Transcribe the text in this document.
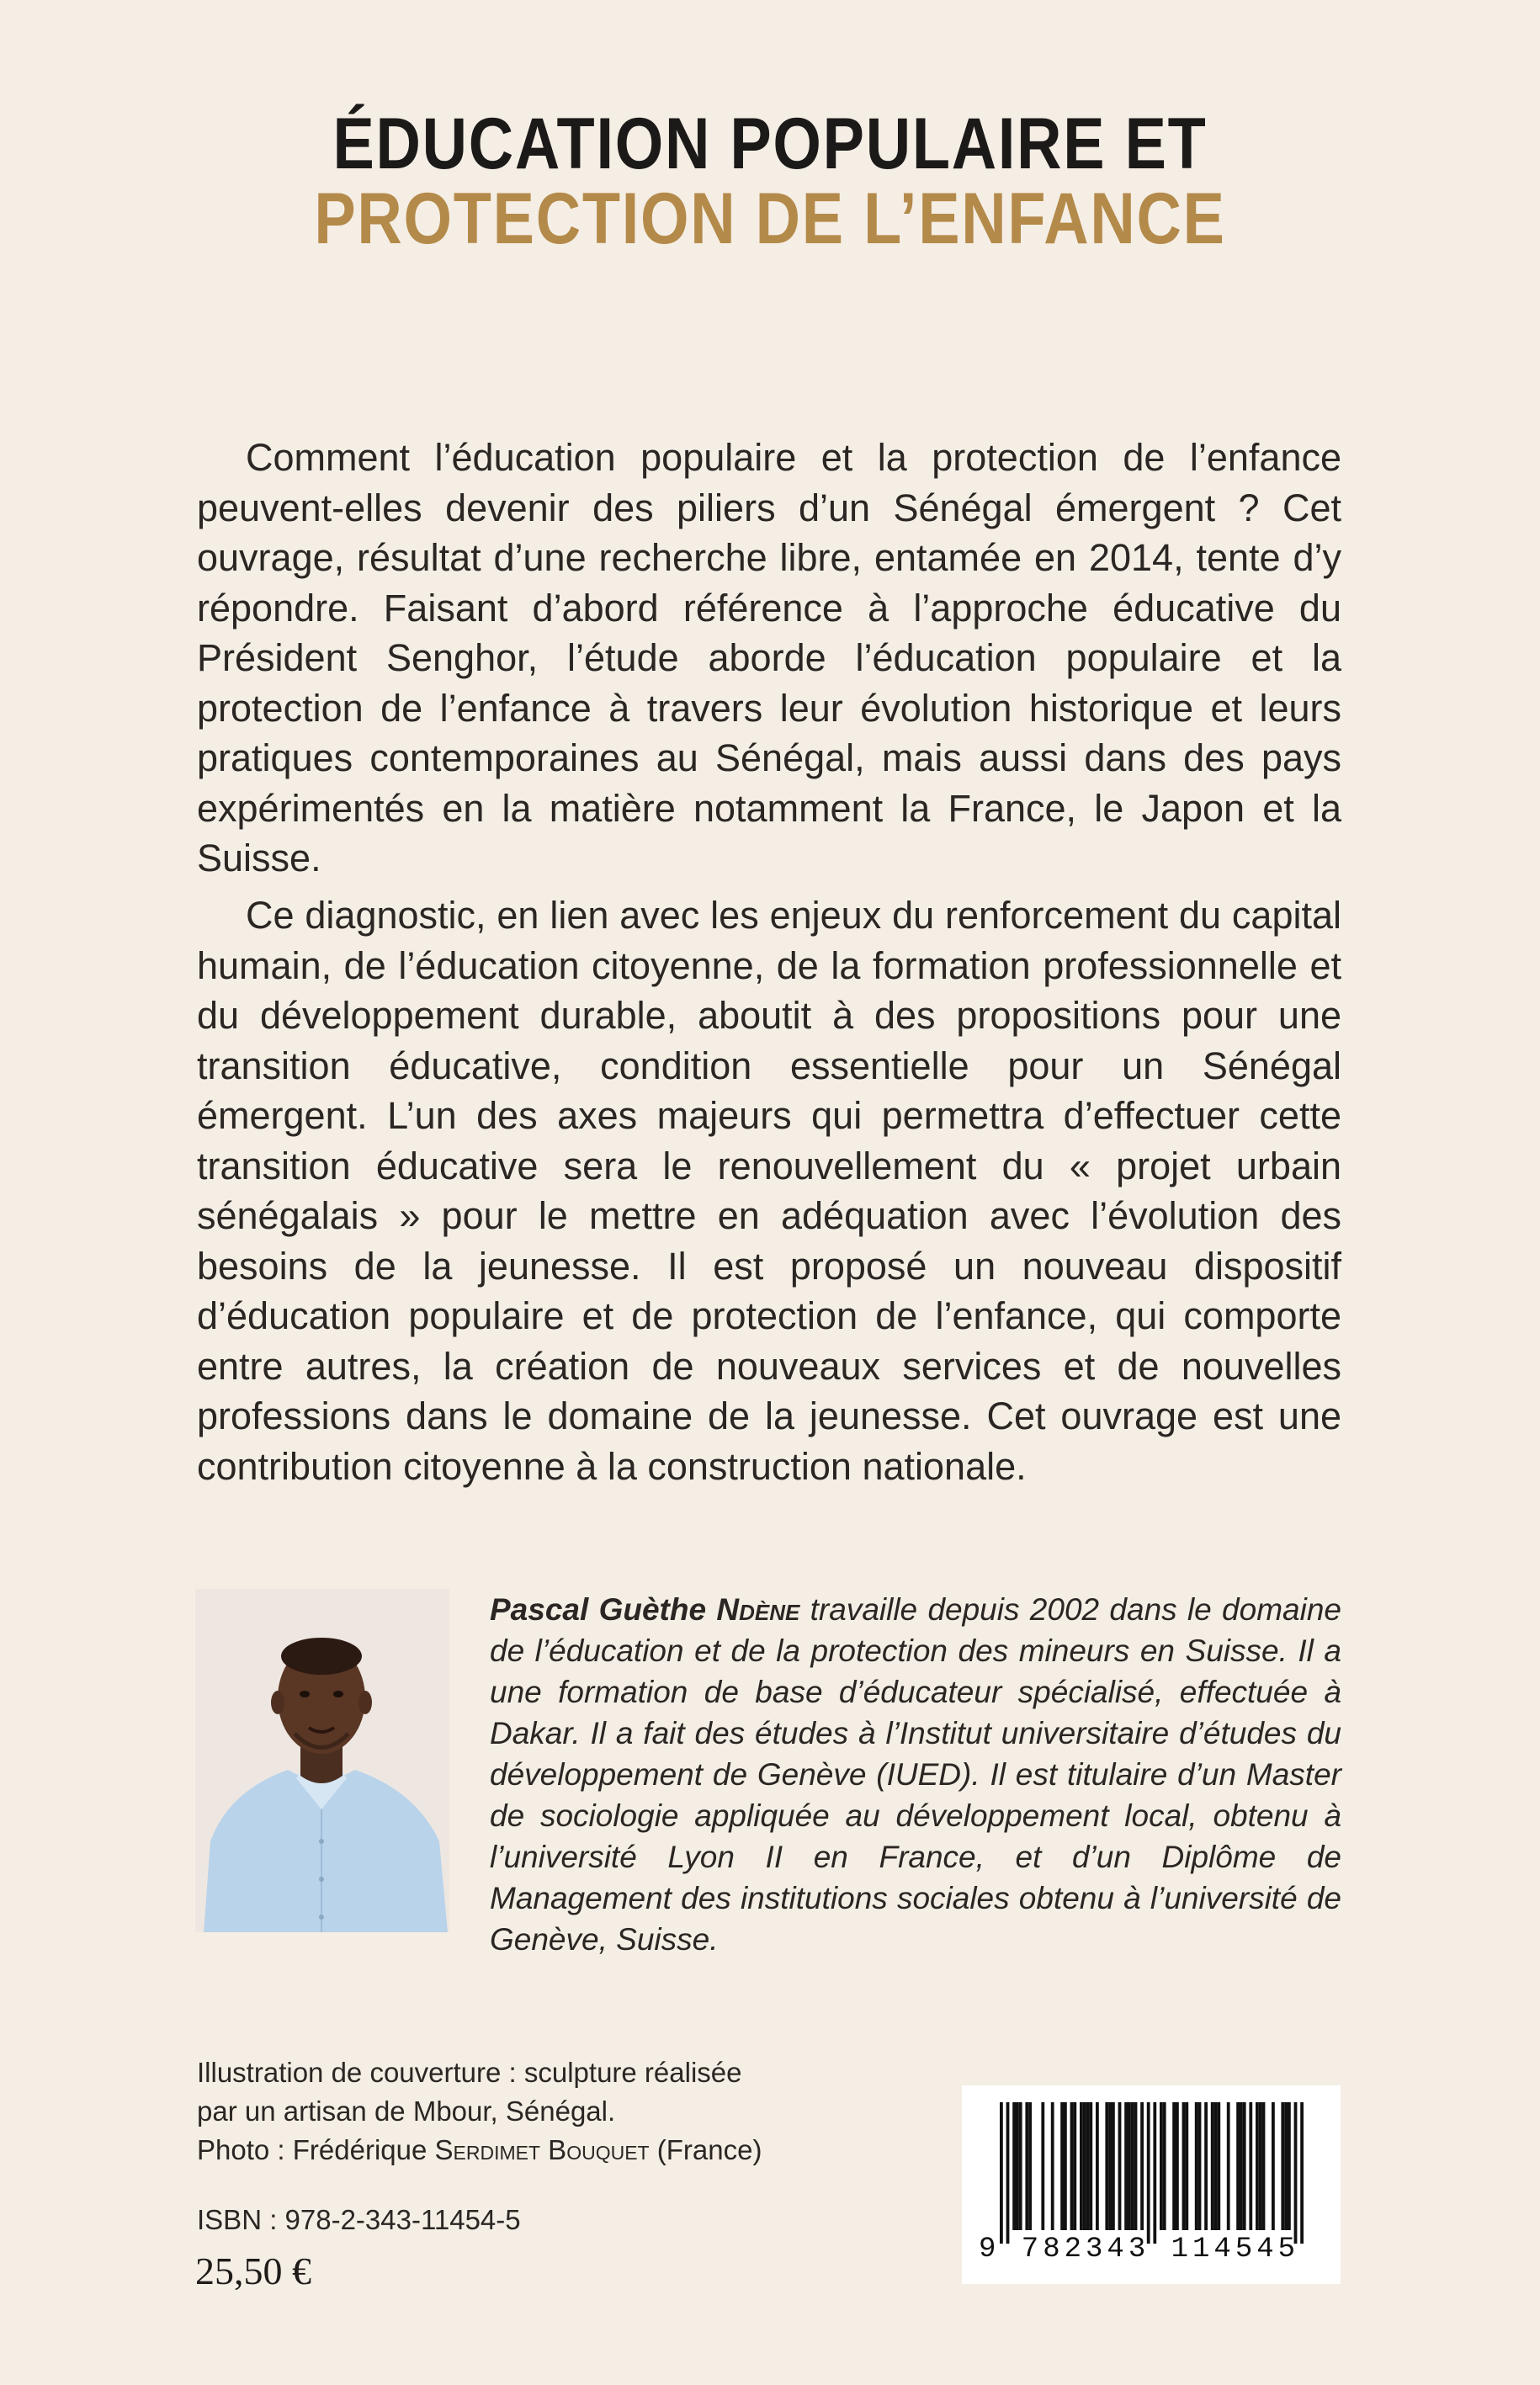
ÉDUCATION POPULAIRE ET
PROTECTION DE L’ENFANCE

Comment l’éducation populaire et la protection de l’enfance peuvent-elles devenir des piliers d’un Sénégal émergent ? Cet ouvrage, résultat d’une recherche libre, entamée en 2014, tente d’y répondre. Faisant d’abord référence à l’approche éducative du Président Senghor, l’étude aborde l’éducation populaire et la protection de l’enfance à travers leur évolution historique et leurs pratiques contemporaines au Sénégal, mais aussi dans des pays expérimentés en la matière notamment la France, le Japon et la Suisse.

Ce diagnostic, en lien avec les enjeux du renforcement du capital humain, de l’éducation citoyenne, de la formation professionnelle et du développement durable, aboutit à des propositions pour une transition éducative, condition essentielle pour un Sénégal émergent. L’un des axes majeurs qui permettra d’effectuer cette transition éducative sera le renouvellement du « projet urbain sénégalais » pour le mettre en adéquation avec l’évolution des besoins de la jeunesse. Il est proposé un nouveau dispositif d’éducation populaire et de protection de l’enfance, qui comporte entre autres, la création de nouveaux services et de nouvelles professions dans le domaine de la jeunesse. Cet ouvrage est une contribution citoyenne à la construction nationale.

Pascal Guèthe Ndène travaille depuis 2002 dans le domaine de l’éducation et de la protection des mineurs en Suisse. Il a une formation de base d’éducateur spécialisé, effectuée à Dakar. Il a fait des études à l’Institut universitaire d’études du développement de Genève (IUED). Il est titulaire d’un Master de sociologie appliquée au développement local, obtenu à l’université Lyon II en France, et d’un Diplôme de Management des institutions sociales obtenu à l’université de Genève, Suisse.
Illustration de couverture : sculpture réalisée
par un artisan de Mbour, Sénégal.
Photo : Frédérique Serdimet Bouquet (France)
ISBN : 978-2-343-11454-5
25,50 €	9 782343 114545
